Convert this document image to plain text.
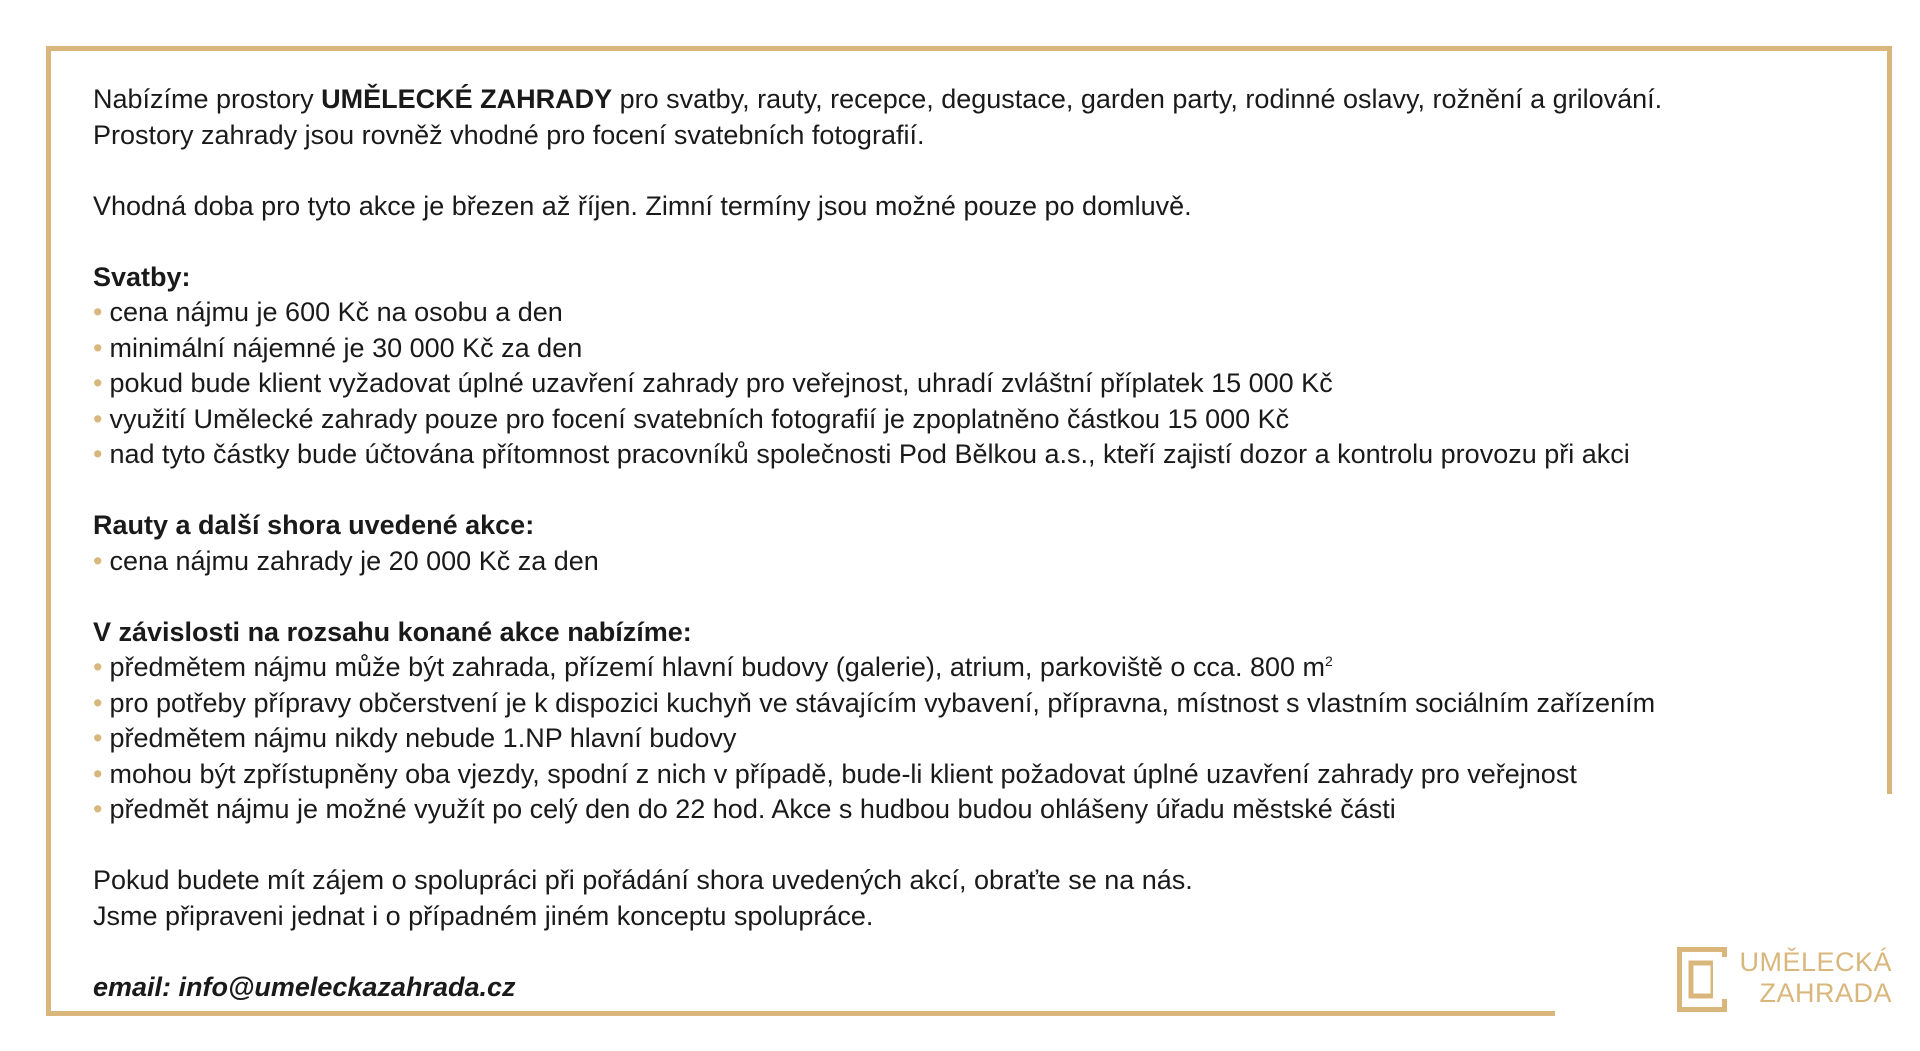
Nabízíme prostory UMĚLECKÉ ZAHRADY pro svatby, rauty, recepce, degustace, garden party, rodinné oslavy, rožnění a grilování.

Prostory zahrady jsou rovněž vhodné pro focení svatebních fotografií.

Vhodná doba pro tyto akce je březen až říjen. Zimní termíny jsou možné pouze po domluvě.

Svatby:

• cena nájmu je 600 Kč na osobu a den

• minimální nájemné je 30 000 Kč za den

• pokud bude klient vyžadovat úplné uzavření zahrady pro veřejnost, uhradí zvláštní příplatek 15 000 Kč

• využití Umělecké zahrady pouze pro focení svatebních fotografií je zpoplatněno částkou 15 000 Kč

• nad tyto částky bude účtována přítomnost pracovníků společnosti Pod Bělkou a.s., kteří zajistí dozor a kontrolu provozu při akci

Rauty a další shora uvedené akce:

• cena nájmu zahrady je 20 000 Kč za den

V závislosti na rozsahu konané akce nabízíme:

• předmětem nájmu může být zahrada, přízemí hlavní budovy (galerie), atrium, parkoviště o cca. 800 $m^2$

• pro potřeby přípravy občerstvení je k dispozici kuchyň ve stávajícím vybavení, přípravna, místnost s vlastním sociálním zařízením

• předmětem nájmu nikdy nebude 1.NP hlavní budovy

• mohou být zpřístupněny oba vjezdy, spodní z nich v případě, bude-li klient požadovat úplné uzavření zahrady pro veřejnost

• předmět nájmu je možné využít po celý den do 22 hod. Akce s hudbou budou ohlášeny úřadu městské části

Pokud budete mít zájem o spolupráci při pořádání shora uvedených akcí, obraťte se na nás.

Jsme připraveni jednat i o případném jiném konceptu spolupráce.

email: info@umeleckazahrada.cz

UMĚLECKÁ
ZAHRADA
